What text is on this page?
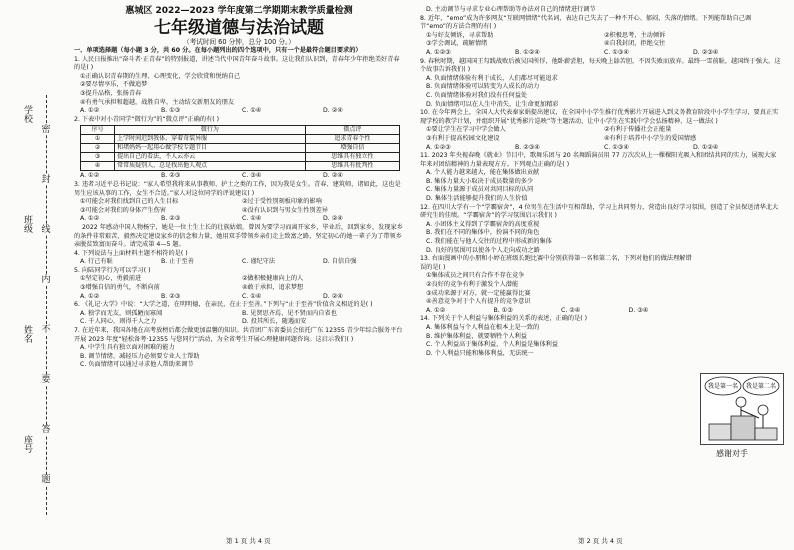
学校
班级
姓名
座号
密
封
线
内
不
要
答
题
惠城区 2022—2023 学年度第二学期期末教学质量检测
七年级道德与法治试题
（考试时间 60 分钟，总分 100 分。）
一、单项选择题（每小题 3 分，共 60 分。在每小题列出的四个选项中，只有一个是最符合题目要求的）
1. 人民日报推出“奋斗者·正青春”的特别报道，讲述当代中国青年奋斗故事。这让我们认识到，青春年少年拒绝美好青春的是( )
①正确认识青春期的生理、心理变化，学会欣赏和悦纳自己
②要尽情享乐，不做追梦
③提升品格，张扬青春
④有勇气承担和超越，战胜自卑，主动结交新朋友的朋友
A. ①②	B. ①③	C. ①④	D. ②④
2. 下表中对小青同学“微行为”的“微点评”正确的有( )
序号	微行为	微点评
①	上学时间迟到我体，穿着奇装异服	追求青春个性
②	和堵妈妈一起用心做学校专题节目	增强自信
③	提出自己的看法，不人云亦云	思维具有独立性
④	常常质疑别人，总是找出他人观点	思维具有批判性
A. ①②	B. ②③	C. ③④	D. ②④
3. 违者习近平总书记说：“家人希望我将来从事教师、护士之类的工作，因为我是女生。青春、建筑师，诸如此，这也是男生应该从事的工作，女生不合适。”家人对这位同学的评说建议( )
①可能会对我们找到自己的人生目标	②过于受性别刻板印象的影响
③可能会对我们的身体产生伤害	④没有认识到与男女生性别差异
A. ①②	B. ②③	C. ①④	D. ②④
2022 年感动中国人物杨宁，她是一位土生土长的壮族姑娘，曾因为要学习而离开家乡，毕业后，回到家乡，发现家乡的条件非常艰苦，毅然决定建设家乡的信念和力量，她用双手带领乡亲们走上致富之路，坚定初心的她一辈子为了带领乡亲脱贫致富而奋斗。请完成第 4—5 题。
4. 下列说法与上面材料主题不相符的是( )
A. 行己有耻	B. 止于至善	C. 谨纪守法	D. 自信自强
5. 向陆同学行为可以学习( )
①坚定初心，勇毅前进	②做积极健康向上的人
③增强自信的勇气，不断向前	④敢于承担，追求梦想
A. ①②	B. ②③	C. ①④	D. ②④
6. 《礼记·大学》中说：“大学之道，在明明德，在亲民，在止于至善。”下列与“止于至善”价值含义相近的是( )
A. 独学而无友，则孤陋而寡闻	B. 见贤思齐焉，见不贤而内自省也
C. 千人同心，则得千人之力	D. 投其所长，随遇而安
7. 在近年来，我国各地在高考放榜后都会做更加温馨的知识。共青团广东省委员会依托广东 12355 青少年综合服务平台开展 2023 年度“轻松备考·12355 与您同行”活动，为全省考生开展心理健康问题咨询。这启示我们( )
A. 中学生具有独立面对困难的能力
B. 调节情绪、减轻压力必须要专业人士帮助
C. 负面情绪可以通过寻求他人帮助来调节
D. 主动调节与寻求专业心理帮助等办法对自己的情绪进行调节
8. 近年，“emo”成为许多网友“互联网情绪”代名词，表达自己失去了一种不开心、郁闷、失落的情绪。下列能帮助自己调节“emo”的方法合理的有( )
①与好友倾诉，寻求帮助	②积极思考，主动倾诉
③学会调试，疏解情绪	④自我封闭，拒绝交往
A. ①②③	B. ①②④	C. ①③④	D. ②③④
9. 春秋时期，越国国王勾践战败后被吴国所俘，他卧薪尝胆，每天晚上舔苦胆，不因失败而放弃。最终一雪前耻，越国终于强大。这个故事告诉我们( )
A. 负面情绪体验有利于成长，人们都尽可能追求
B. 负面情绪体验可以转变为人成长的动力
C. 负面情绪体验对我们没有任何益处
D. 负面情绪可以在人生中消失，让生命更加精彩
10. 在今年两会上，全国人大代表秦家娟提出建议，在全国中小学生推行优秀影片开展进入到义务教育阶段中小学生学习，要真正实现学校的教学计划，并组织开展“优秀影片巡映”等主题活动，让中小学生在实践中学会弘扬精神、这一做法( )
①要让学生在学习中学会做人	②有利于传播社会正能量
③有利于提高校园文化建设	④有利于培养中小学生的爱国情感
A. ①②③	B. ②③④	C. ①③④	D. ①②④
11. 2023 年央视春晚《就业》节目中，歌舞乐团与 20 名舞蹈演员用 77 万次次从上一棵棵阳光吸入和团结共同的实力，展现大家年来对团结精神的力量表现方方。下列观点正确的是( )
A. 个人能力越来越大，能在集体做出贡献
B. 集体力量大小取决于成员数量的多少
C. 集体力量源于成员对共同目标的认同
D. 集体生活能够提升我们的人生价值
12. 在四川大学有一个“学霸宿舍”，4 位男生在生活中互相帮助，学习上共同努力，营造出良好学习氛围，创造了全员保送清华北大研究生的佳绩。“学霸宿舍”的学习氛围启示我们( )
A. 小团体主义得到了学霸宿舍的高度重视
B. 我们在不同的集体中，扮演不同的角色
C. 我们能在与他人交往的过程中形成新的集体
D. 良好的氛围可以使各个人走向成功之路
13. 右面漫画中的小朋和小婷在班级长跑比赛中分别获得第一名和第二名，下列对他们的做法理解错误的是( )
①集体成员之间只有合作不存在竞争
②良好的竞争有利于激发个人潜能
③成功来源于对方，就一定能赢得比赛
④善意竞争对于个人有提升的竞争意识
A. ①②	B. ①③	C. ②④	D. ③④
14. 下列关于个人利益与集体利益的关系的表述，正确的是( )
A. 集体利益与个人利益在根本上是一致的
B. 维护集体利益，就要牺牲个人利益
C. 个人利益高于集体利益，个人利益是集体利益
D. 个人利益只能和集体利益，无法统一
我是第一名 我是第二名
感谢对手
第 1 页 共 4 页	第 2 页 共 4 页
